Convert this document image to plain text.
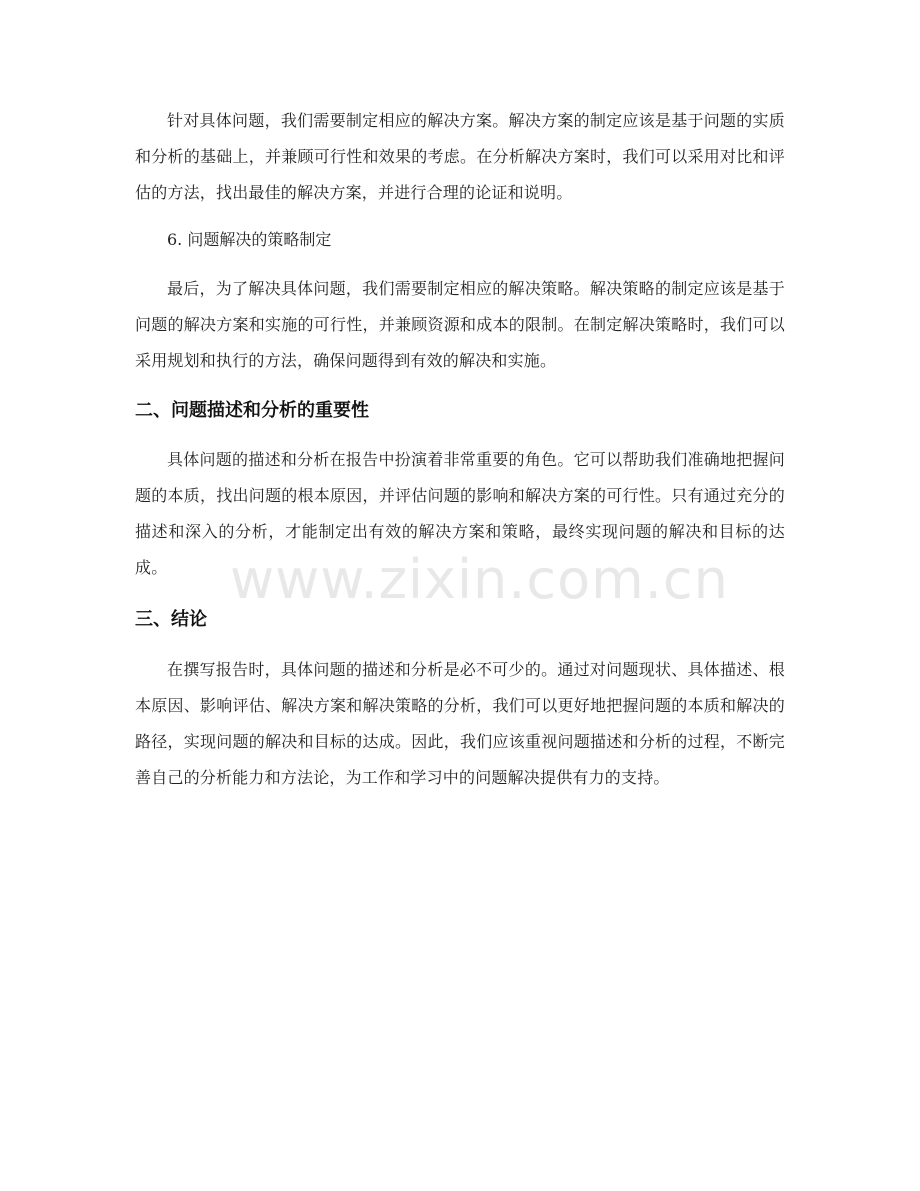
针对具体问题，我们需要制定相应的解决方案。解决方案的制定应该是基于问题的实质和分析的基础上，并兼顾可行性和效果的考虑。在分析解决方案时，我们可以采用对比和评估的方法，找出最佳的解决方案，并进行合理的论证和说明。

6. 问题解决的策略制定

最后，为了解决具体问题，我们需要制定相应的解决策略。解决策略的制定应该是基于问题的解决方案和实施的可行性，并兼顾资源和成本的限制。在制定解决策略时，我们可以采用规划和执行的方法，确保问题得到有效的解决和实施。

二、问题描述和分析的重要性

具体问题的描述和分析在报告中扮演着非常重要的角色。它可以帮助我们准确地把握问题的本质，找出问题的根本原因，并评估问题的影响和解决方案的可行性。只有通过充分的描述和深入的分析，才能制定出有效的解决方案和策略，最终实现问题的解决和目标的达成。

三、结论

在撰写报告时，具体问题的描述和分析是必不可少的。通过对问题现状、具体描述、根本原因、影响评估、解决方案和解决策略的分析，我们可以更好地把握问题的本质和解决的路径，实现问题的解决和目标的达成。因此，我们应该重视问题描述和分析的过程，不断完善自己的分析能力和方法论，为工作和学习中的问题解决提供有力的支持。

www.zixin.com.cn
